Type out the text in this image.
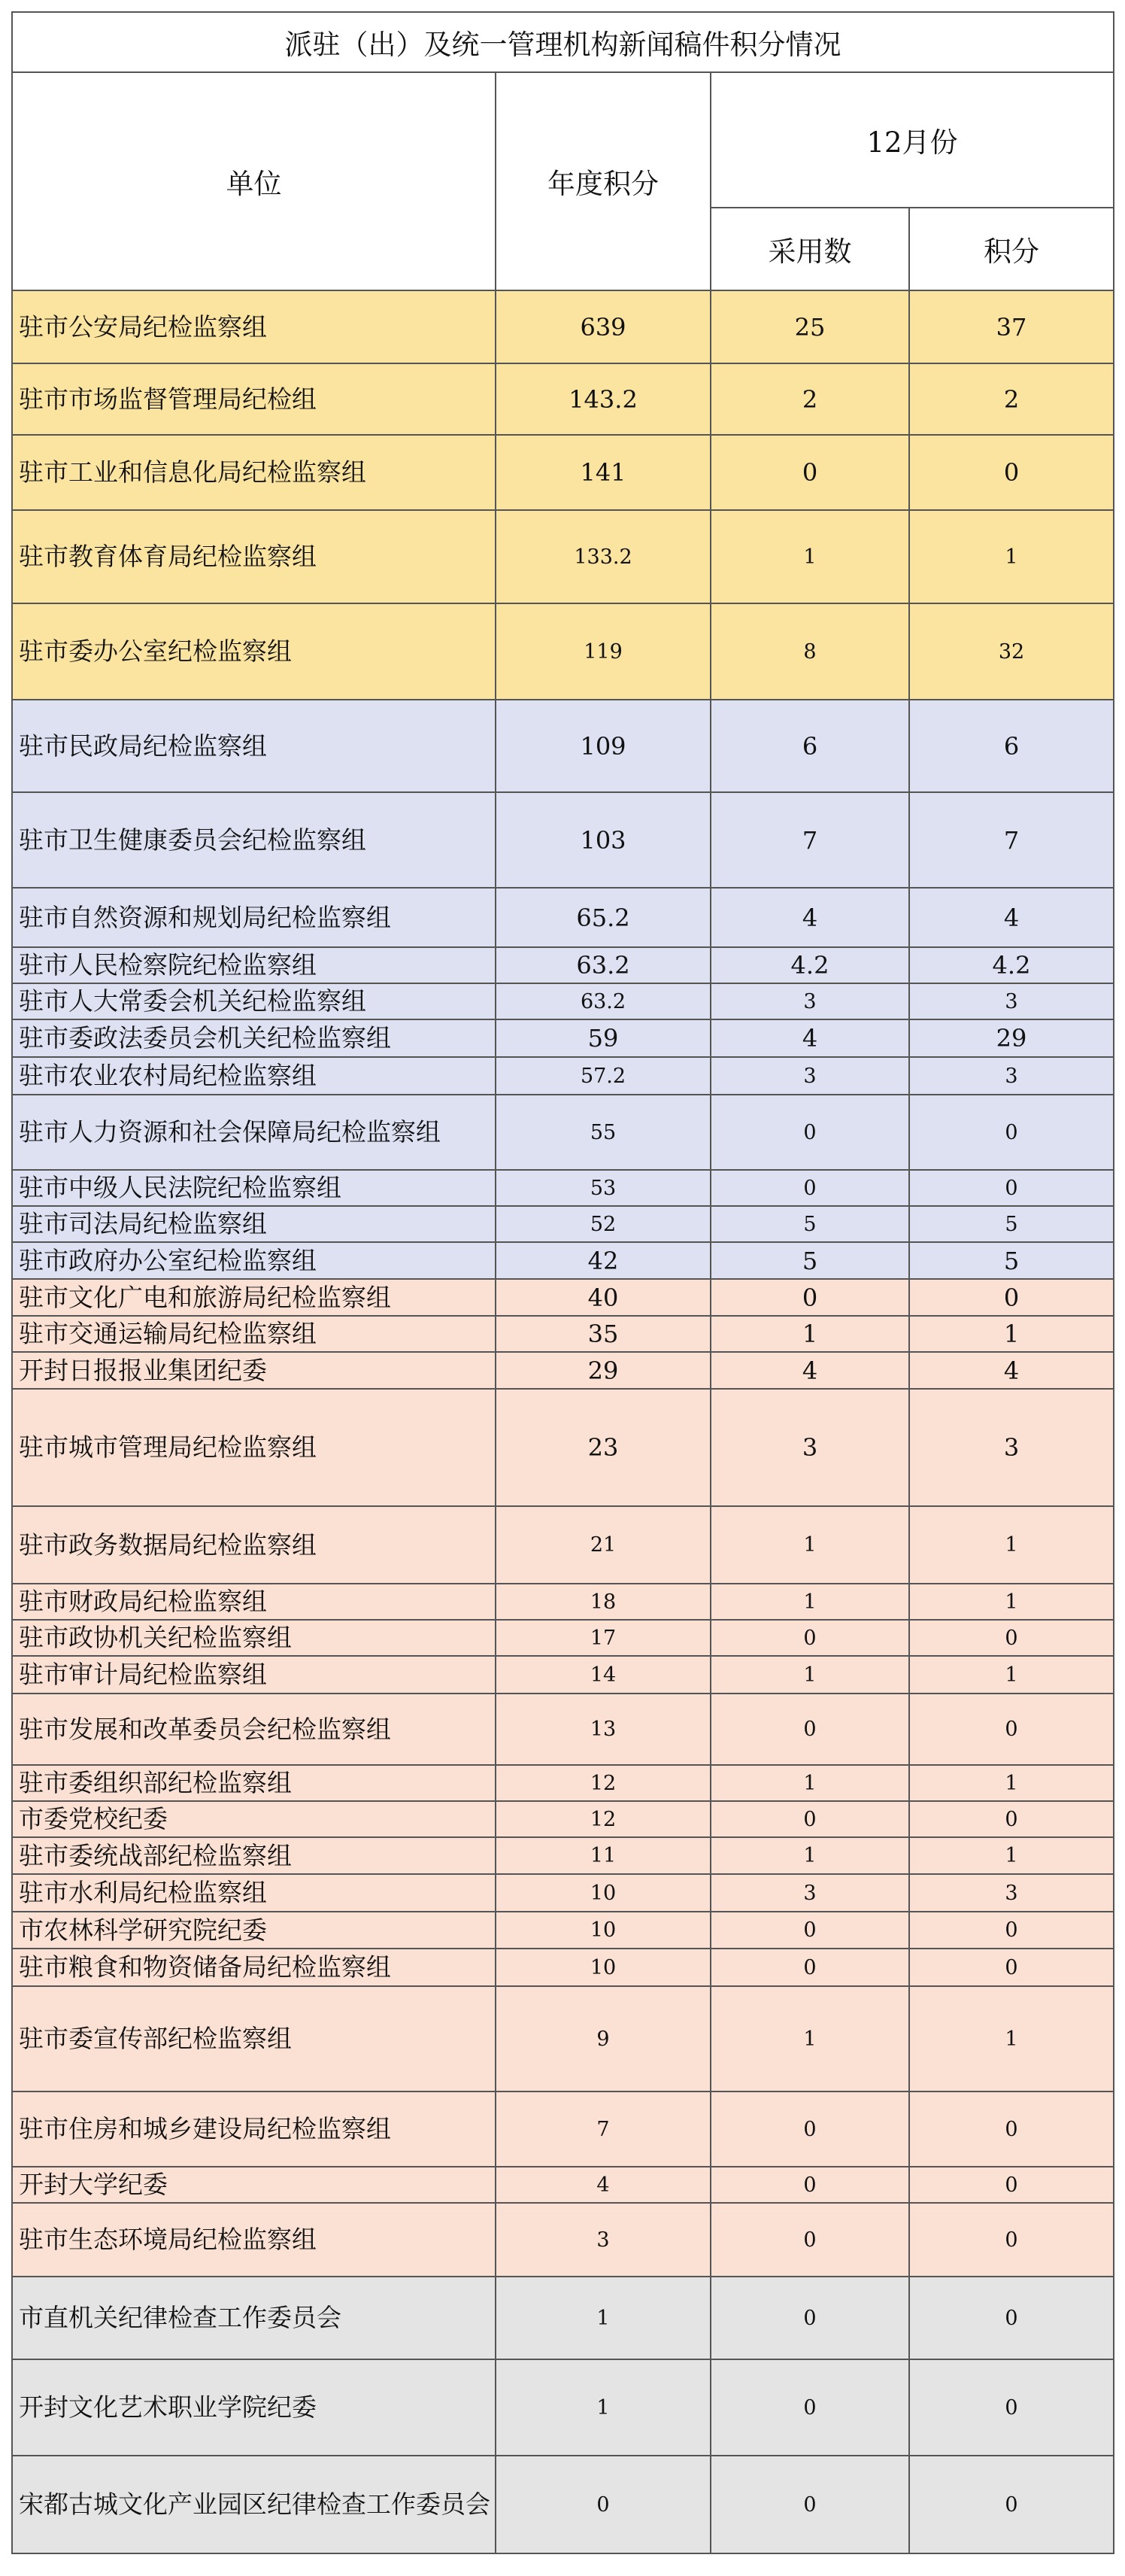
派驻（出）及统一管理机构新闻稿件积分情况			
单位	年度积分	12月份	
		采用数	积分
驻市公安局纪检监察组	639	25	37
驻市市场监督管理局纪检组	143.2	2	2
驻市工业和信息化局纪检监察组	141	0	0
驻市教育体育局纪检监察组	133.2	1	1
驻市委办公室纪检监察组	119	8	32
驻市民政局纪检监察组	109	6	6
驻市卫生健康委员会纪检监察组	103	7	7
驻市自然资源和规划局纪检监察组	65.2	4	4
驻市人民检察院纪检监察组	63.2	4.2	4.2
驻市人大常委会机关纪检监察组	63.2	3	3
驻市委政法委员会机关纪检监察组	59	4	29
驻市农业农村局纪检监察组	57.2	3	3
驻市人力资源和社会保障局纪检监察组	55	0	0
驻市中级人民法院纪检监察组	53	0	0
驻市司法局纪检监察组	52	5	5
驻市政府办公室纪检监察组	42	5	5
驻市文化广电和旅游局纪检监察组	40	0	0
驻市交通运输局纪检监察组	35	1	1
开封日报报业集团纪委	29	4	4
驻市城市管理局纪检监察组	23	3	3
驻市政务数据局纪检监察组	21	1	1
驻市财政局纪检监察组	18	1	1
驻市政协机关纪检监察组	17	0	0
驻市审计局纪检监察组	14	1	1
驻市发展和改革委员会纪检监察组	13	0	0
驻市委组织部纪检监察组	12	1	1
市委党校纪委	12	0	0
驻市委统战部纪检监察组	11	1	1
驻市水利局纪检监察组	10	3	3
市农林科学研究院纪委	10	0	0
驻市粮食和物资储备局纪检监察组	10	0	0
驻市委宣传部纪检监察组	9	1	1
驻市住房和城乡建设局纪检监察组	7	0	0
开封大学纪委	4	0	0
驻市生态环境局纪检监察组	3	0	0
市直机关纪律检查工作委员会	1	0	0
开封文化艺术职业学院纪委	1	0	0
宋都古城文化产业园区纪律检查工作委员会	0	0	0
